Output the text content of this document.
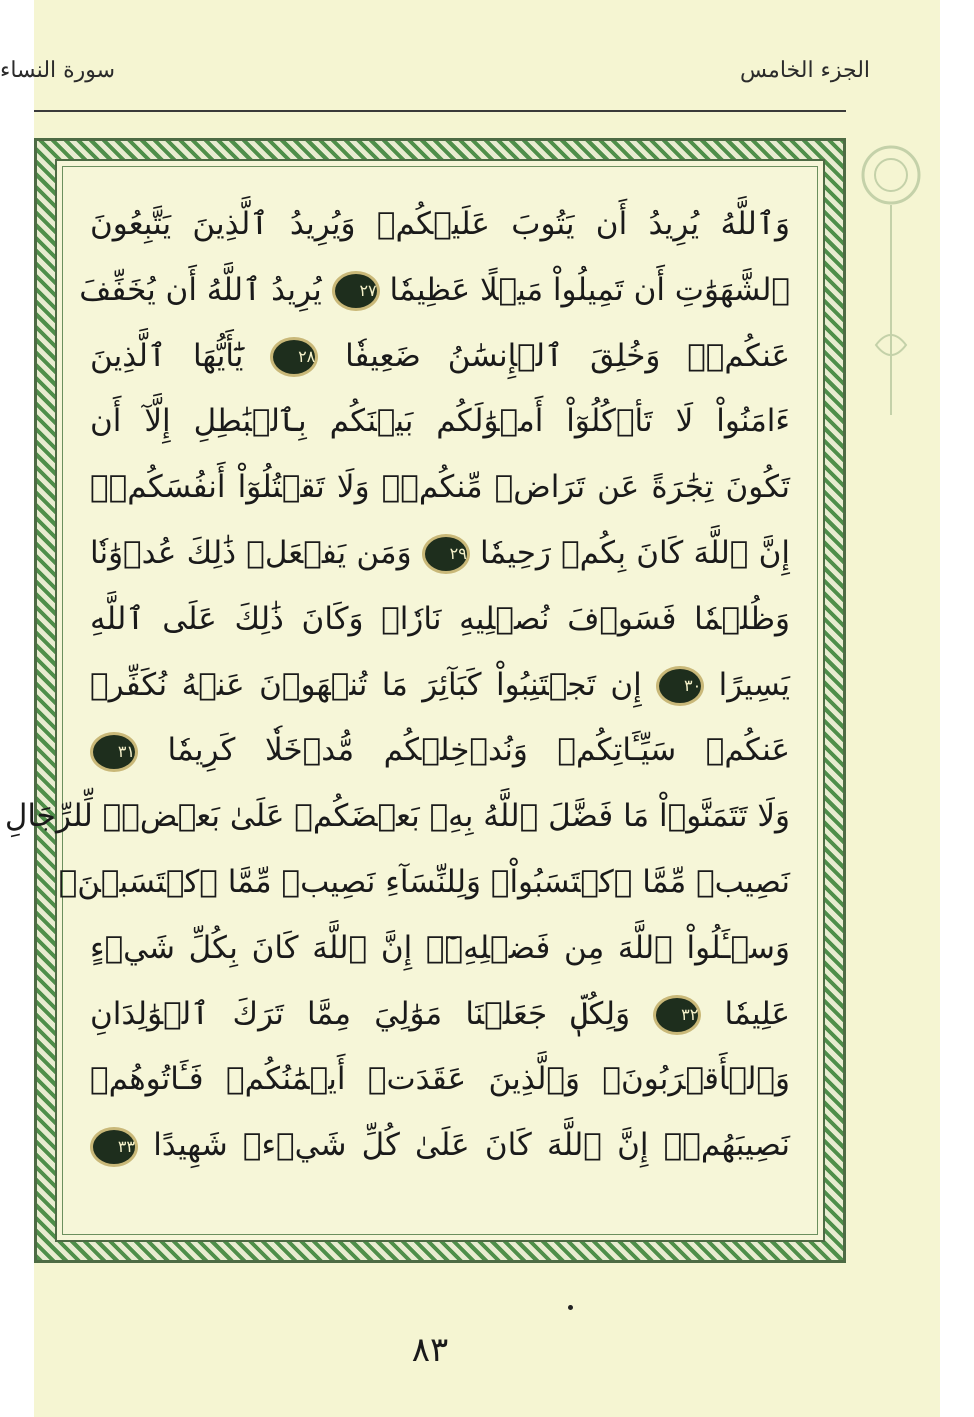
الجزء الخامس
سورة النساء
وَٱللَّهُ يُرِيدُ أَن يَتُوبَ عَلَيۡكُمۡ وَيُرِيدُ ٱلَّذِينَ يَتَّبِعُونَ
ٱلشَّهَوَٰتِ أَن تَمِيلُواْ مَيۡلًا عَظِيمٗا ٢٧ يُرِيدُ ٱللَّهُ أَن يُخَفِّفَ
عَنكُمۡۚ وَخُلِقَ ٱلۡإِنسَٰنُ ضَعِيفٗا ٢٨ يَٰٓأَيُّهَا ٱلَّذِينَ
ءَامَنُواْ لَا تَأۡكُلُوٓاْ أَمۡوَٰلَكُم بَيۡنَكُم بِٱلۡبَٰطِلِ إِلَّآ أَن
تَكُونَ تِجَٰرَةً عَن تَرَاضٖ مِّنكُمۡۚ وَلَا تَقۡتُلُوٓاْ أَنفُسَكُمۡۚ
إِنَّ ٱللَّهَ كَانَ بِكُمۡ رَحِيمٗا ٢٩ وَمَن يَفۡعَلۡ ذَٰلِكَ عُدۡوَٰنٗا
وَظُلۡمٗا فَسَوۡفَ نُصۡلِيهِ نَارٗاۚ وَكَانَ ذَٰلِكَ عَلَى ٱللَّهِ
يَسِيرًا ٣٠ إِن تَجۡتَنِبُواْ كَبَآئِرَ مَا تُنۡهَوۡنَ عَنۡهُ نُكَفِّرۡ
عَنكُمۡ سَيِّـَٔاتِكُمۡ وَنُدۡخِلۡكُم مُّدۡخَلٗا كَرِيمٗا ٣١
وَلَا تَتَمَنَّوۡاْ مَا فَضَّلَ ٱللَّهُ بِهِۦ بَعۡضَكُمۡ عَلَىٰ بَعۡضٖۚ لِّلرِّجَالِ
نَصِيبٞ مِّمَّا ٱكۡتَسَبُواْۖ وَلِلنِّسَآءِ نَصِيبٞ مِّمَّا ٱكۡتَسَبۡنَۚ
وَسۡـَٔلُواْ ٱللَّهَ مِن فَضۡلِهِۦٓۚ إِنَّ ٱللَّهَ كَانَ بِكُلِّ شَيۡءٍ
عَلِيمٗا ٣٢ وَلِكُلّٖ جَعَلۡنَا مَوَٰلِيَ مِمَّا تَرَكَ ٱلۡوَٰلِدَانِ
وَٱلۡأَقۡرَبُونَۚ وَٱلَّذِينَ عَقَدَتۡ أَيۡمَٰنُكُمۡ فَـَٔاتُوهُمۡ
نَصِيبَهُمۡۚ إِنَّ ٱللَّهَ كَانَ عَلَىٰ كُلِّ شَيۡءٖ شَهِيدًا ٣٣
٨٣
